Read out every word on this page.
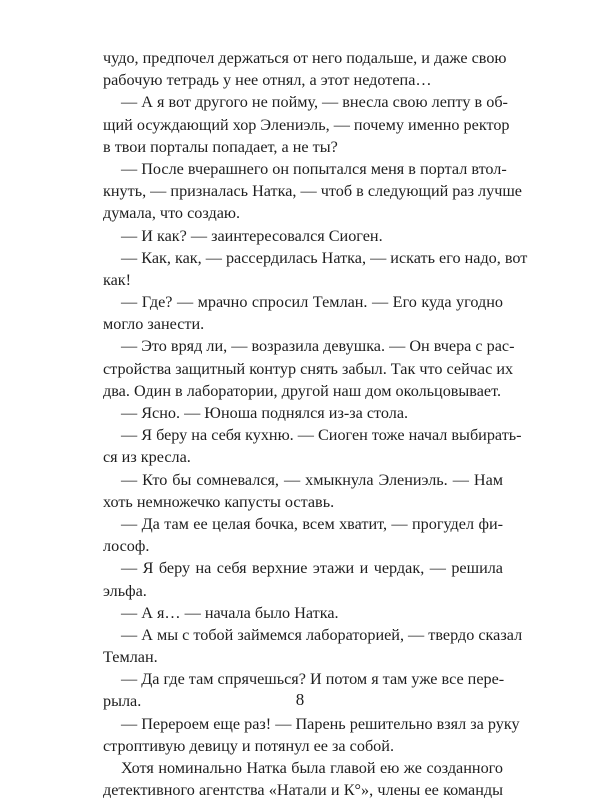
чудо, предпочел держаться от него подальше, и даже свою
рабочую тетрадь у нее отнял, а этот недотепа…
— А я вот другого не пойму, — внесла свою лепту в об-
щий осуждающий хор Элениэль, — почему именно ректор
в твои порталы попадает, а не ты?
— После вчерашнего он попытался меня в портал втол-
кнуть, — призналась Натка, — чтоб в следующий раз лучше
думала, что создаю.
— И как? — заинтересовался Сиоген.
— Как, как, — рассердилась Натка, — искать его надо, вот
как!
— Где? — мрачно спросил Темлан. — Его куда угодно
могло занести.
— Это вряд ли, — возразила девушка. — Он вчера с рас-
стройства защитный контур снять забыл. Так что сейчас их
два. Один в лаборатории, другой наш дом окольцовывает.
— Ясно. — Юноша поднялся из-за стола.
— Я беру на себя кухню. — Сиоген тоже начал выбирать-
ся из кресла.
— Кто бы сомневался, — хмыкнула Элениэль. — Нам
хоть немножечко капусты оставь.
— Да там ее целая бочка, всем хватит, — прогудел фи-
лософ.
— Я беру на себя верхние этажи и чердак, — решила
эльфа.
— А я… — начала было Натка.
— А мы с тобой займемся лабораторией, — твердо сказал
Темлан.
— Да где там спрячешься? И потом я там уже все пере-
рыла.
— Перероем еще раз! — Парень решительно взял за руку
строптивую девицу и потянул ее за собой.
Хотя номинально Натка была главой ею же созданного
детективного агентства «Натали и К°», члены ее команды
8
